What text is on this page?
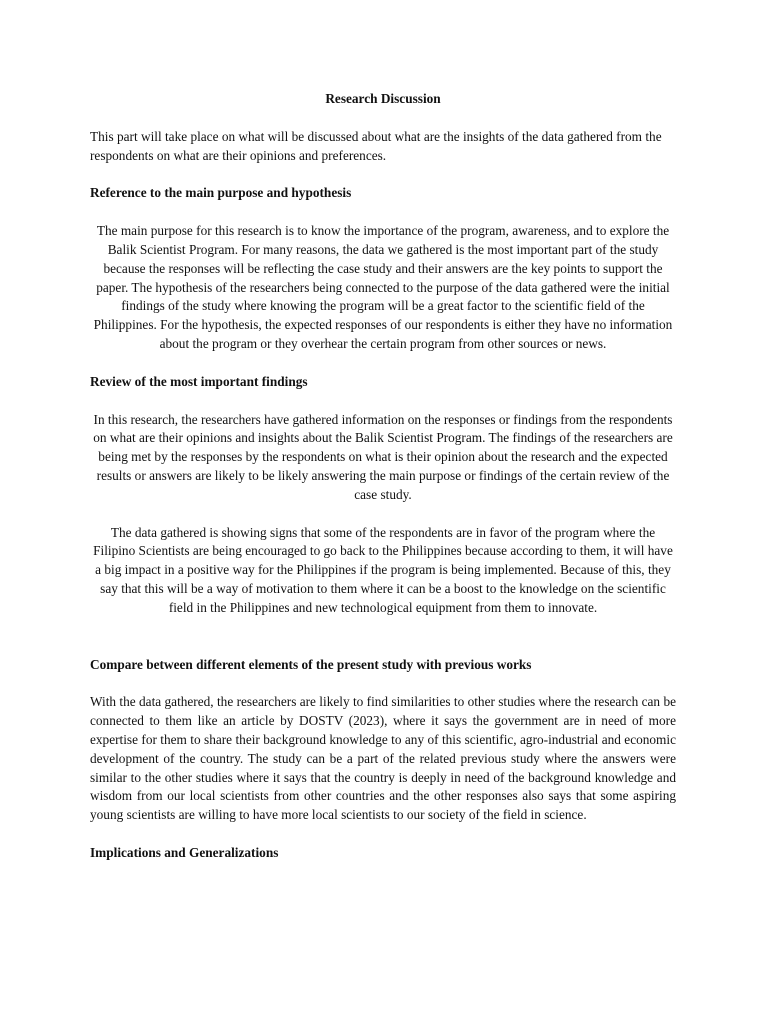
Research Discussion

This part will take place on what will be discussed about what are the insights of the data gathered from the respondents on what are their opinions and preferences.

Reference to the main purpose and hypothesis

The main purpose for this research is to know the importance of the program, awareness, and to explore the Balik Scientist Program. For many reasons, the data we gathered is the most important part of the study because the responses will be reflecting the case study and their answers are the key points to support the paper. The hypothesis of the researchers being connected to the purpose of the data gathered were the initial findings of the study where knowing the program will be a great factor to the scientific field of the Philippines. For the hypothesis, the expected responses of our respondents is either they have no information about the program or they overhear the certain program from other sources or news.

Review of the most important findings

In this research, the researchers have gathered information on the responses or findings from the respondents on what are their opinions and insights about the Balik Scientist Program. The findings of the researchers are being met by the responses by the respondents on what is their opinion about the research and the expected results or answers are likely to be likely answering the main purpose or findings of the certain review of the case study.

The data gathered is showing signs that some of the respondents are in favor of the program where the Filipino Scientists are being encouraged to go back to the Philippines because according to them, it will have a big impact in a positive way for the Philippines if the program is being implemented. Because of this, they say that this will be a way of motivation to them where it can be a boost to the knowledge on the scientific field in the Philippines and new technological equipment from them to innovate.

Compare between different elements of the present study with previous works

With the data gathered, the researchers are likely to find similarities to other studies where the research can be connected to them like an article by DOSTV (2023), where it says the government are in need of more expertise for them to share their background knowledge to any of this scientific, agro-industrial and economic development of the country. The study can be a part of the related previous study where the answers were similar to the other studies where it says that the country is deeply in need of the background knowledge and wisdom from our local scientists from other countries and the other responses also says that some aspiring young scientists are willing to have more local scientists to our society of the field in science.

Implications and Generalizations
